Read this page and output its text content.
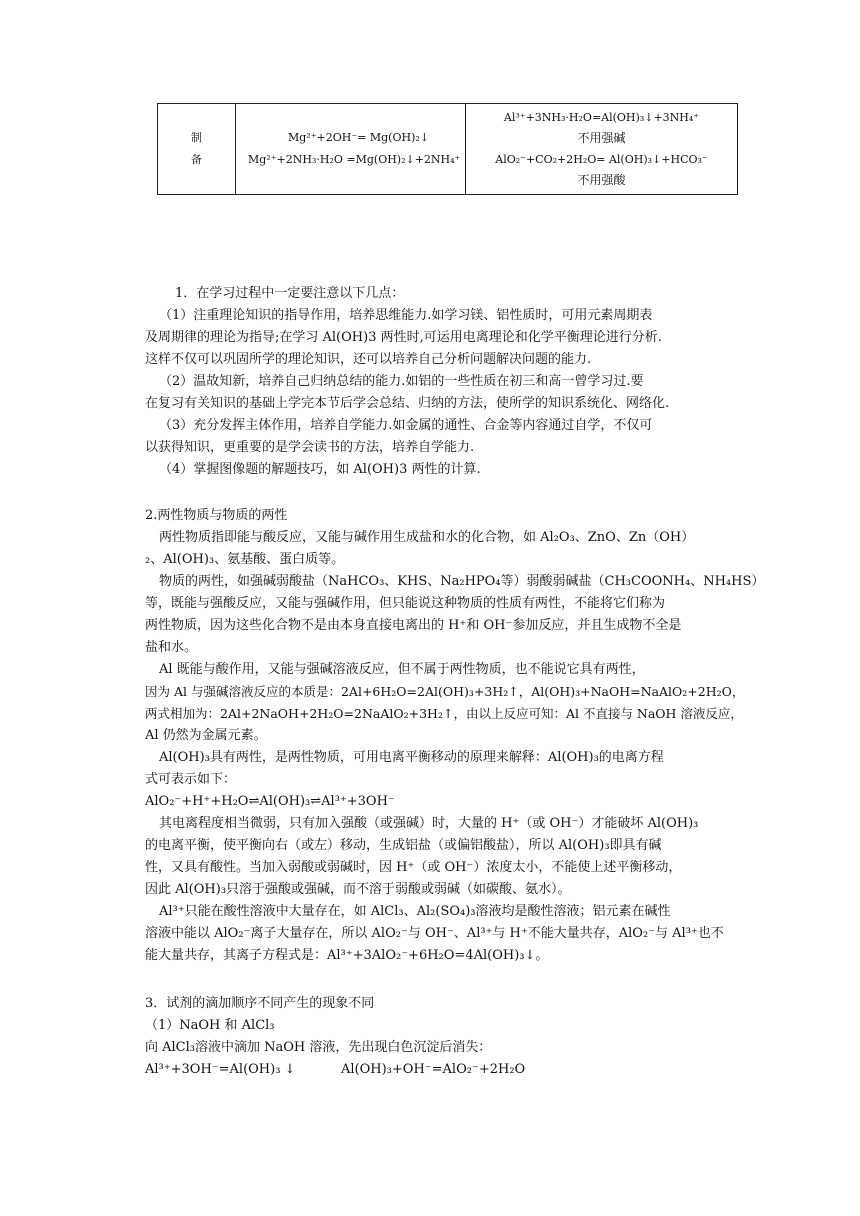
制
备

Mg²⁺+2OH⁻= Mg(OH)₂↓
Mg²⁺+2NH₃·H₂O =Mg(OH)₂↓+2NH₄⁺

Al³⁺+3NH₃·H₂O=Al(OH)₃↓+3NH₄⁺
不用强碱
AlO₂⁻+CO₂+2H₂O= Al(OH)₃↓+HCO₃⁻
不用强酸
1．在学习过程中一定要注意以下几点：
（1）注重理论知识的指导作用，培养思维能力.如学习镁、铝性质时，可用元素周期表
及周期律的理论为指导;在学习 Al(OH)3 两性时,可运用电离理论和化学平衡理论进行分析.
这样不仅可以巩固所学的理论知识，还可以培养自己分析问题解决问题的能力.
（2）温故知新，培养自己归纳总结的能力.如铝的一些性质在初三和高一曾学习过.要
在复习有关知识的基础上学完本节后学会总结、归纳的方法，使所学的知识系统化、网络化.
（3）充分发挥主体作用，培养自学能力.如金属的通性、合金等内容通过自学，不仅可
以获得知识，更重要的是学会读书的方法，培养自学能力.
（4）掌握图像题的解题技巧，如 Al(OH)3 两性的计算.
2.两性物质与物质的两性
两性物质指即能与酸反应，又能与碱作用生成盐和水的化合物，如 Al₂O₃、ZnO、Zn（OH）
₂、Al(OH)₃、氨基酸、蛋白质等。
物质的两性，如强碱弱酸盐（NaHCO₃、KHS、Na₂HPO₄等）弱酸弱碱盐（CH₃COONH₄、NH₄HS）
等，既能与强酸反应，又能与强碱作用，但只能说这种物质的性质有两性，不能将它们称为
两性物质，因为这些化合物不是由本身直接电离出的 H⁺和 OH⁻参加反应，并且生成物不全是
盐和水。
Al 既能与酸作用，又能与强碱溶液反应，但不属于两性物质，也不能说它具有两性，
因为 Al 与强碱溶液反应的本质是：2Al+6H₂O=2Al(OH)₃+3H₂↑，Al(OH)₃+NaOH=NaAlO₂+2H₂O，
两式相加为：2Al+2NaOH+2H₂O=2NaAlO₂+3H₂↑，由以上反应可知：Al 不直接与 NaOH 溶液反应，
Al 仍然为金属元素。
Al(OH)₃具有两性，是两性物质，可用电离平衡移动的原理来解释：Al(OH)₃的电离方程
式可表示如下：
AlO₂⁻+H⁺+H₂O⇌Al(OH)₃⇌Al³⁺+3OH⁻
其电离程度相当微弱，只有加入强酸（或强碱）时，大量的 H⁺（或 OH⁻）才能破坏 Al(OH)₃
的电离平衡，使平衡向右（或左）移动，生成铝盐（或偏铝酸盐），所以 Al(OH)₃即具有碱
性，又具有酸性。当加入弱酸或弱碱时，因 H⁺（或 OH⁻）浓度太小，不能使上述平衡移动，
因此 Al(OH)₃只溶于强酸或强碱，而不溶于弱酸或弱碱（如碳酸、氨水）。
Al³⁺只能在酸性溶液中大量存在，如 AlCl₃、Al₂(SO₄)₃溶液均是酸性溶液；铝元素在碱性
溶液中能以 AlO₂⁻离子大量存在，所以 AlO₂⁻与 OH⁻、Al³⁺与 H⁺不能大量共存，AlO₂⁻与 Al³⁺也不
能大量共存，其离子方程式是：Al³⁺+3AlO₂⁻+6H₂O=4Al(OH)₃↓。
3．试剂的滴加顺序不同产生的现象不同
（1）NaOH 和 AlCl₃
向 AlCl₃溶液中滴加 NaOH 溶液，先出现白色沉淀后消失：
Al³⁺+3OH⁻=Al(OH)₃ ↓	Al(OH)₃+OH⁻=AlO₂⁻+2H₂O
